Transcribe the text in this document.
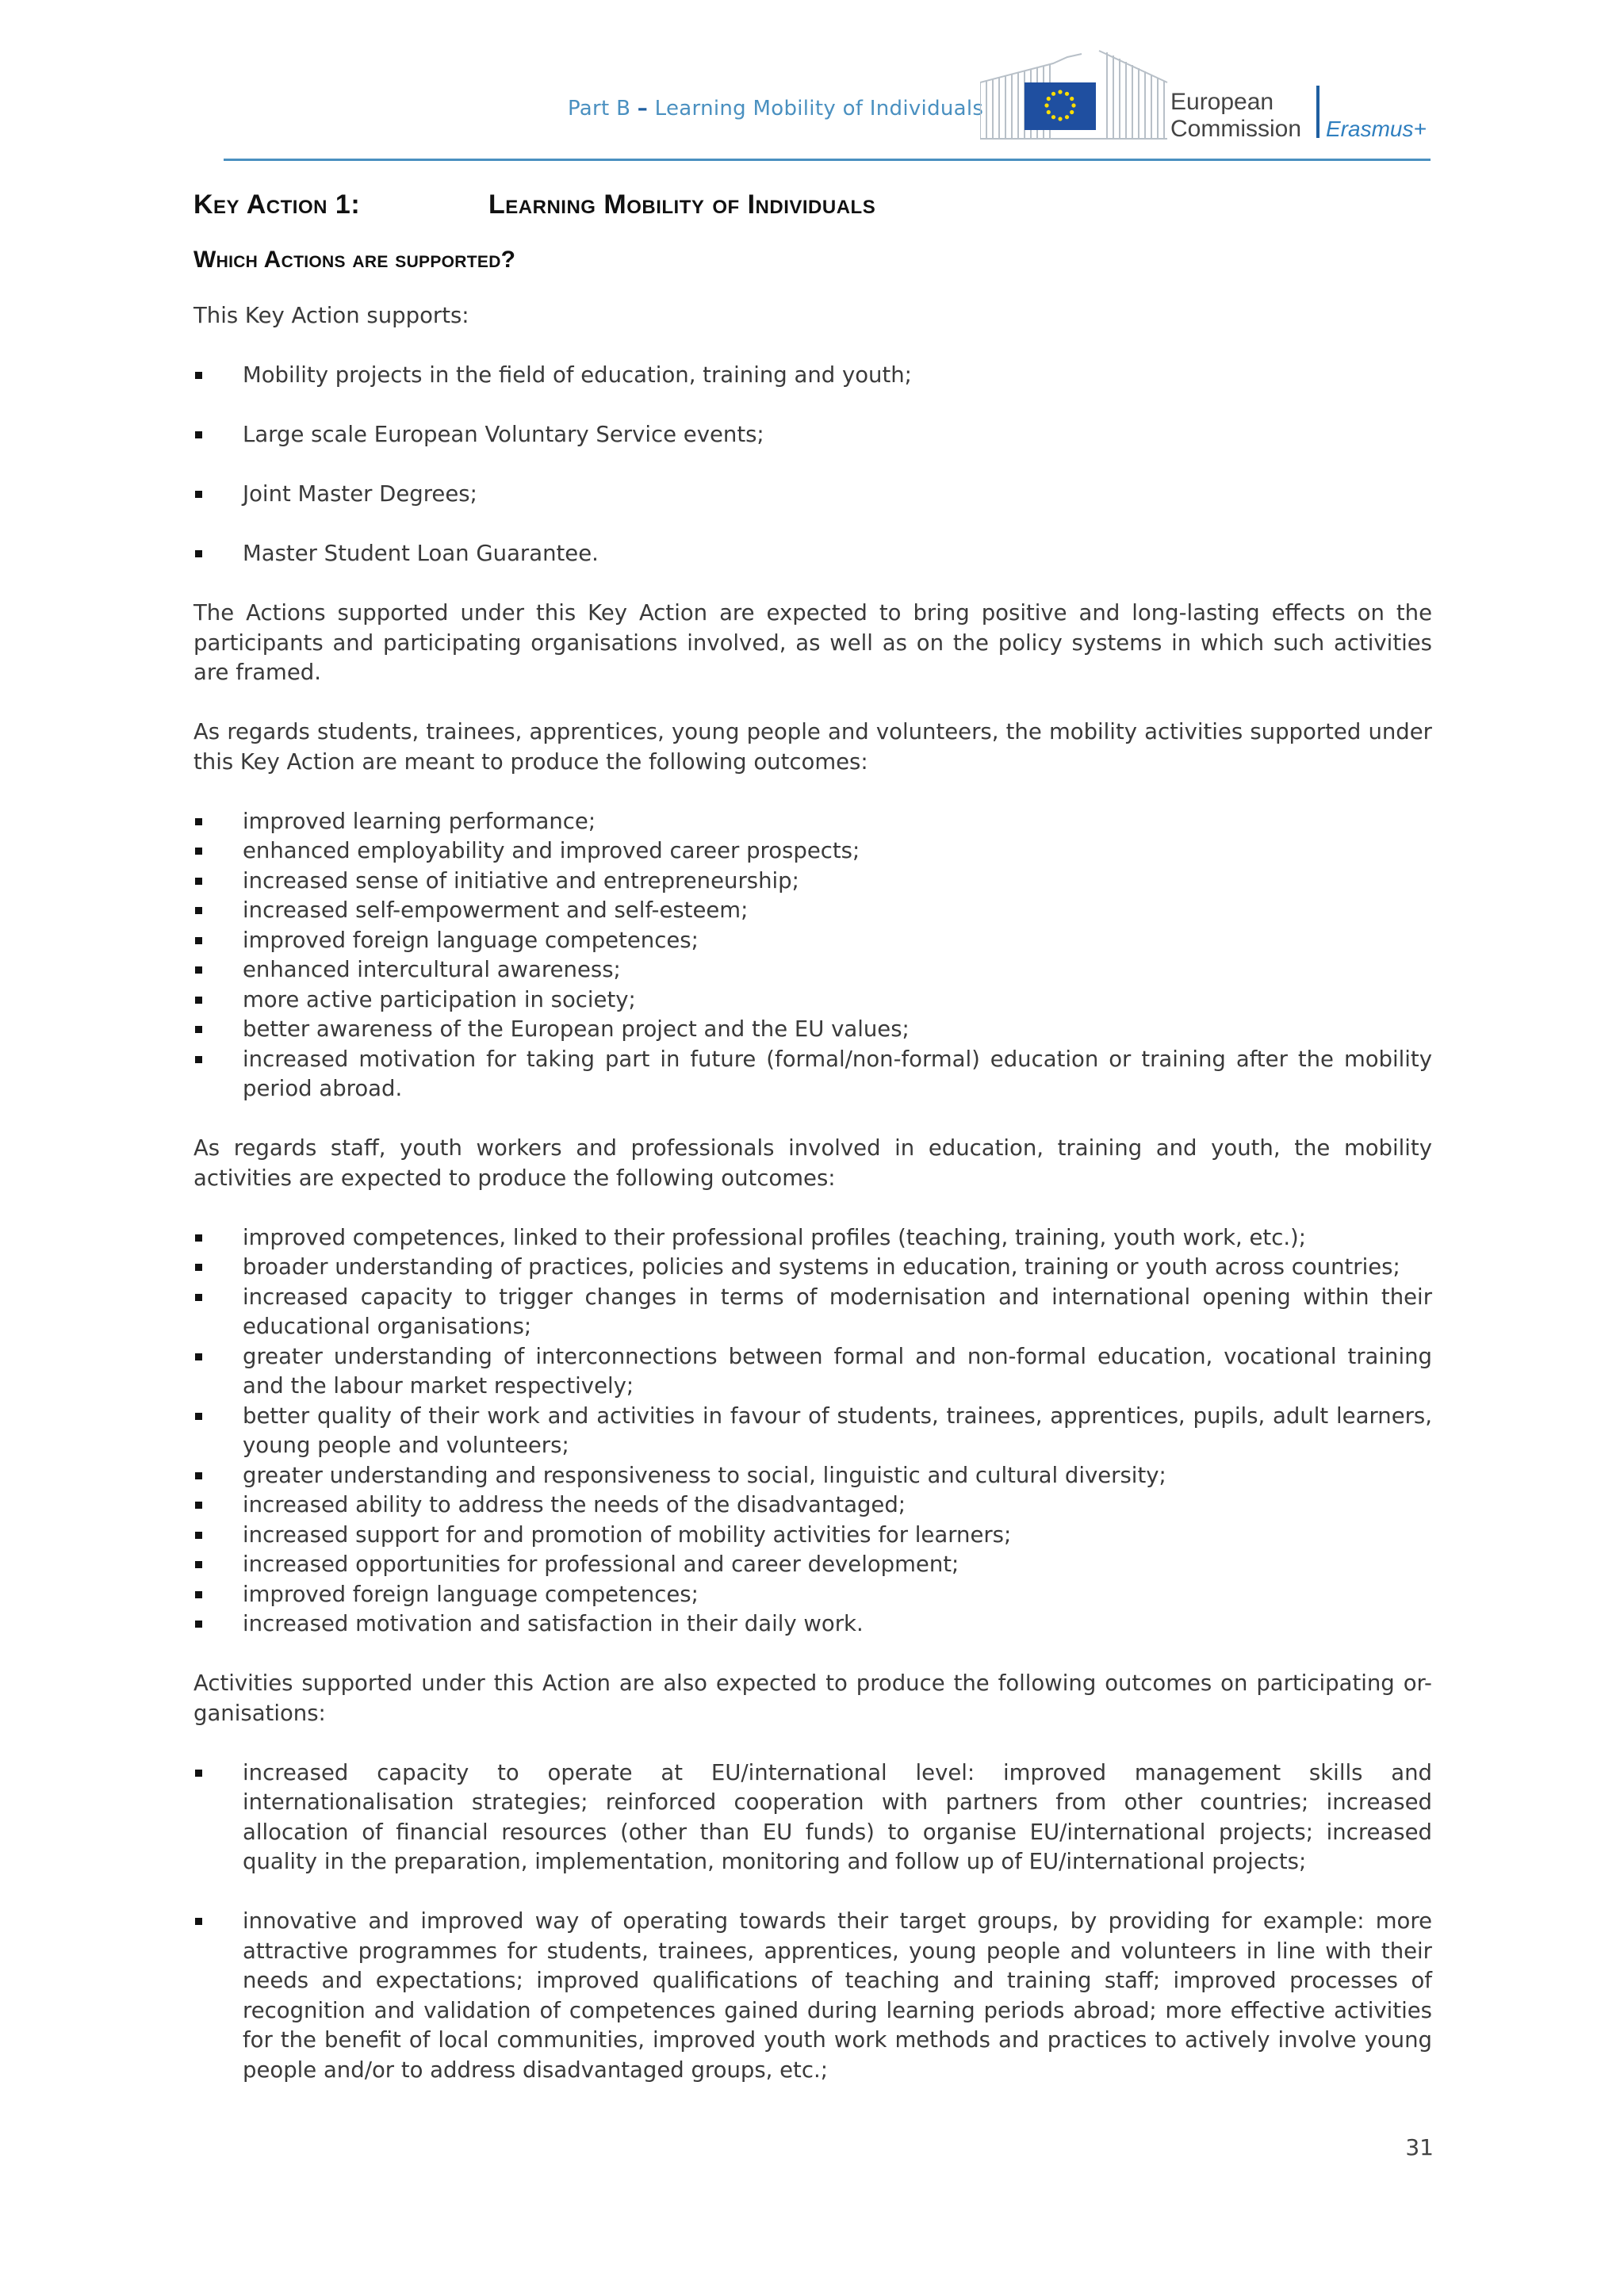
Part B – Learning Mobility of Individuals	European
Commission Erasmus+
Key Action 1:	Learning Mobility of Individuals
Which Actions are supported?

This Key Action supports:

Mobility projects in the field of education, training and youth;
Large scale European Voluntary Service events;
Joint Master Degrees;
Master Student Loan Guarantee.

The Actions supported under this Key Action are expected to bring positive and long-lasting effects on the participants and participating organisations involved, as well as on the policy systems in which such activities are framed.

As regards students, trainees, apprentices, young people and volunteers, the mobility activities supported under this Key Action are meant to produce the following outcomes:

improved learning performance;
enhanced employability and improved career prospects;
increased sense of initiative and entrepreneurship;
increased self-empowerment and self-esteem;
improved foreign language competences;
enhanced intercultural awareness;
more active participation in society;
better awareness of the European project and the EU values;
increased motivation for taking part in future (formal/non-formal) education or training after the mobility period abroad.

As regards staff, youth workers and professionals involved in education, training and youth, the mobility activities are expected to produce the following outcomes:

improved competences, linked to their professional profiles (teaching, training, youth work, etc.);
broader understanding of practices, policies and systems in education, training or youth across countries;
increased capacity to trigger changes in terms of modernisation and international opening within their educational organisations;
greater understanding of interconnections between formal and non-formal education, vocational training and the labour market respectively;
better quality of their work and activities in favour of students, trainees, apprentices, pupils, adult learners, young people and volunteers;
greater understanding and responsiveness to social, linguistic and cultural diversity;
increased ability to address the needs of the disadvantaged;
increased support for and promotion of mobility activities for learners;
increased opportunities for professional and career development;
improved foreign language competences;
increased motivation and satisfaction in their daily work.

Activities supported under this Action are also expected to produce the following outcomes on participating or-ganisations:

increased capacity to operate at EU/international level: improved management skills and internationalisation strategies; reinforced cooperation with partners from other countries; increased allocation of financial resources (other than EU funds) to organise EU/international projects; increased quality in the preparation, implementation, monitoring and follow up of EU/international projects;
innovative and improved way of operating towards their target groups, by providing for example: more attractive programmes for students, trainees, apprentices, young people and volunteers in line with their needs and expectations; improved qualifications of teaching and training staff; improved processes of recognition and validation of competences gained during learning periods abroad; more effective activities for the benefit of local communities, improved youth work methods and practices to actively involve young people and/or to address disadvantaged groups, etc.;
31
